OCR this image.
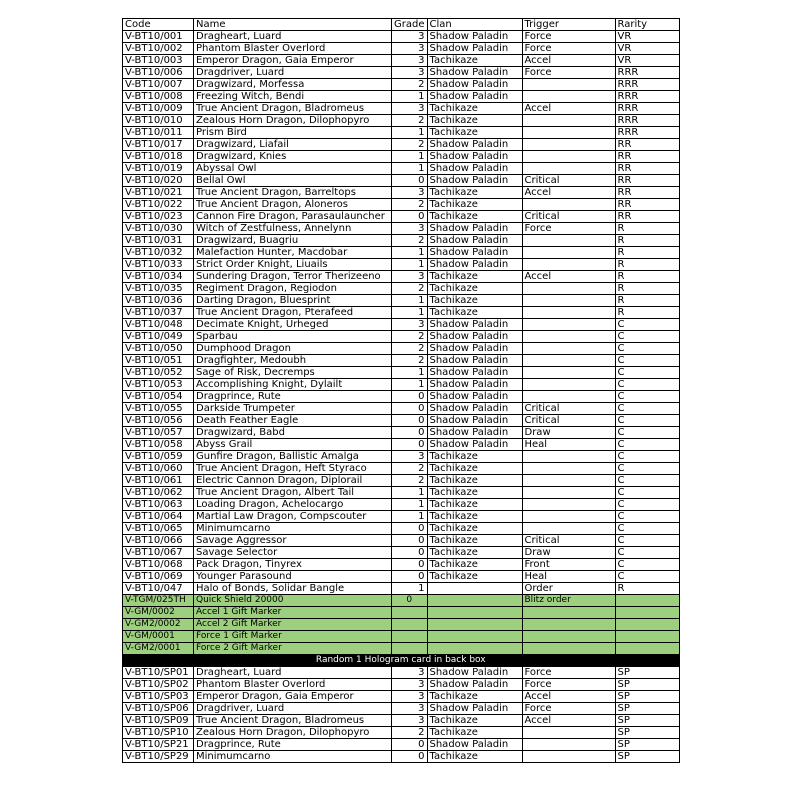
Code	Name	Grade	Clan	Trigger	Rarity
V-BT10/001	Dragheart, Luard	3	Shadow Paladin	Force	VR
V-BT10/002	Phantom Blaster Overlord	3	Shadow Paladin	Force	VR
V-BT10/003	Emperor Dragon, Gaia Emperor	3	Tachikaze	Accel	VR
V-BT10/006	Dragdriver, Luard	3	Shadow Paladin	Force	RRR
V-BT10/007	Dragwizard, Morfessa	2	Shadow Paladin		RRR
V-BT10/008	Freezing Witch, Bendi	1	Shadow Paladin		RRR
V-BT10/009	True Ancient Dragon, Bladromeus	3	Tachikaze	Accel	RRR
V-BT10/010	Zealous Horn Dragon, Dilophopyro	2	Tachikaze		RRR
V-BT10/011	Prism Bird	1	Tachikaze		RRR
V-BT10/017	Dragwizard, Liafail	2	Shadow Paladin		RR
V-BT10/018	Dragwizard, Knies	1	Shadow Paladin		RR
V-BT10/019	Abyssal Owl	1	Shadow Paladin		RR
V-BT10/020	Bellal Owl	0	Shadow Paladin	Critical	RR
V-BT10/021	True Ancient Dragon, Barreltops	3	Tachikaze	Accel	RR
V-BT10/022	True Ancient Dragon, Aloneros	2	Tachikaze		RR
V-BT10/023	Cannon Fire Dragon, Parasaulauncher	0	Tachikaze	Critical	RR
V-BT10/030	Witch of Zestfulness, Annelynn	3	Shadow Paladin	Force	R
V-BT10/031	Dragwizard, Buagriu	2	Shadow Paladin		R
V-BT10/032	Malefaction Hunter, Macdobar	1	Shadow Paladin		R
V-BT10/033	Strict Order Knight, Liuails	1	Shadow Paladin		R
V-BT10/034	Sundering Dragon, Terror Therizeeno	3	Tachikaze	Accel	R
V-BT10/035	Regiment Dragon, Regiodon	2	Tachikaze		R
V-BT10/036	Darting Dragon, Bluesprint	1	Tachikaze		R
V-BT10/037	True Ancient Dragon, Pterafeed	1	Tachikaze		R
V-BT10/048	Decimate Knight, Urheged	3	Shadow Paladin		C
V-BT10/049	Sparbau	2	Shadow Paladin		C
V-BT10/050	Dumphood Dragon	2	Shadow Paladin		C
V-BT10/051	Dragfighter, Medoubh	2	Shadow Paladin		C
V-BT10/052	Sage of Risk, Decremps	1	Shadow Paladin		C
V-BT10/053	Accomplishing Knight, Dylailt	1	Shadow Paladin		C
V-BT10/054	Dragprince, Rute	0	Shadow Paladin		C
V-BT10/055	Darkside Trumpeter	0	Shadow Paladin	Critical	C
V-BT10/056	Death Feather Eagle	0	Shadow Paladin	Critical	C
V-BT10/057	Dragwizard, Babd	0	Shadow Paladin	Draw	C
V-BT10/058	Abyss Grail	0	Shadow Paladin	Heal	C
V-BT10/059	Gunfire Dragon, Ballistic Amalga	3	Tachikaze		C
V-BT10/060	True Ancient Dragon, Heft Styraco	2	Tachikaze		C
V-BT10/061	Electric Cannon Dragon, Diplorail	2	Tachikaze		C
V-BT10/062	True Ancient Dragon, Albert Tail	1	Tachikaze		C
V-BT10/063	Loading Dragon, Achelocargo	1	Tachikaze		C
V-BT10/064	Martial Law Dragon, Compscouter	1	Tachikaze		C
V-BT10/065	Minimumcarno	0	Tachikaze		C
V-BT10/066	Savage Aggressor	0	Tachikaze	Critical	C
V-BT10/067	Savage Selector	0	Tachikaze	Draw	C
V-BT10/068	Pack Dragon, Tinyrex	0	Tachikaze	Front	C
V-BT10/069	Younger Parasound	0	Tachikaze	Heal	C
V-BT10/047	Halo of Bonds, Solidar Bangle	1		Order	R
V-TGM/025TH	Quick Shield 20000	0		Blitz order	
V-GM/0002	Accel 1 Gift Marker				
V-GM2/0002	Accel 2 Gift Marker				
V-GM/0001	Force 1 Gift Marker				
V-GM2/0001	Force 2 Gift Marker				
Random 1 Hologram card in back box					
V-BT10/SP01	Dragheart, Luard	3	Shadow Paladin	Force	SP
V-BT10/SP02	Phantom Blaster Overlord	3	Shadow Paladin	Force	SP
V-BT10/SP03	Emperor Dragon, Gaia Emperor	3	Tachikaze	Accel	SP
V-BT10/SP06	Dragdriver, Luard	3	Shadow Paladin	Force	SP
V-BT10/SP09	True Ancient Dragon, Bladromeus	3	Tachikaze	Accel	SP
V-BT10/SP10	Zealous Horn Dragon, Dilophopyro	2	Tachikaze		SP
V-BT10/SP21	Dragprince, Rute	0	Shadow Paladin		SP
V-BT10/SP29	Minimumcarno	0	Tachikaze		SP
